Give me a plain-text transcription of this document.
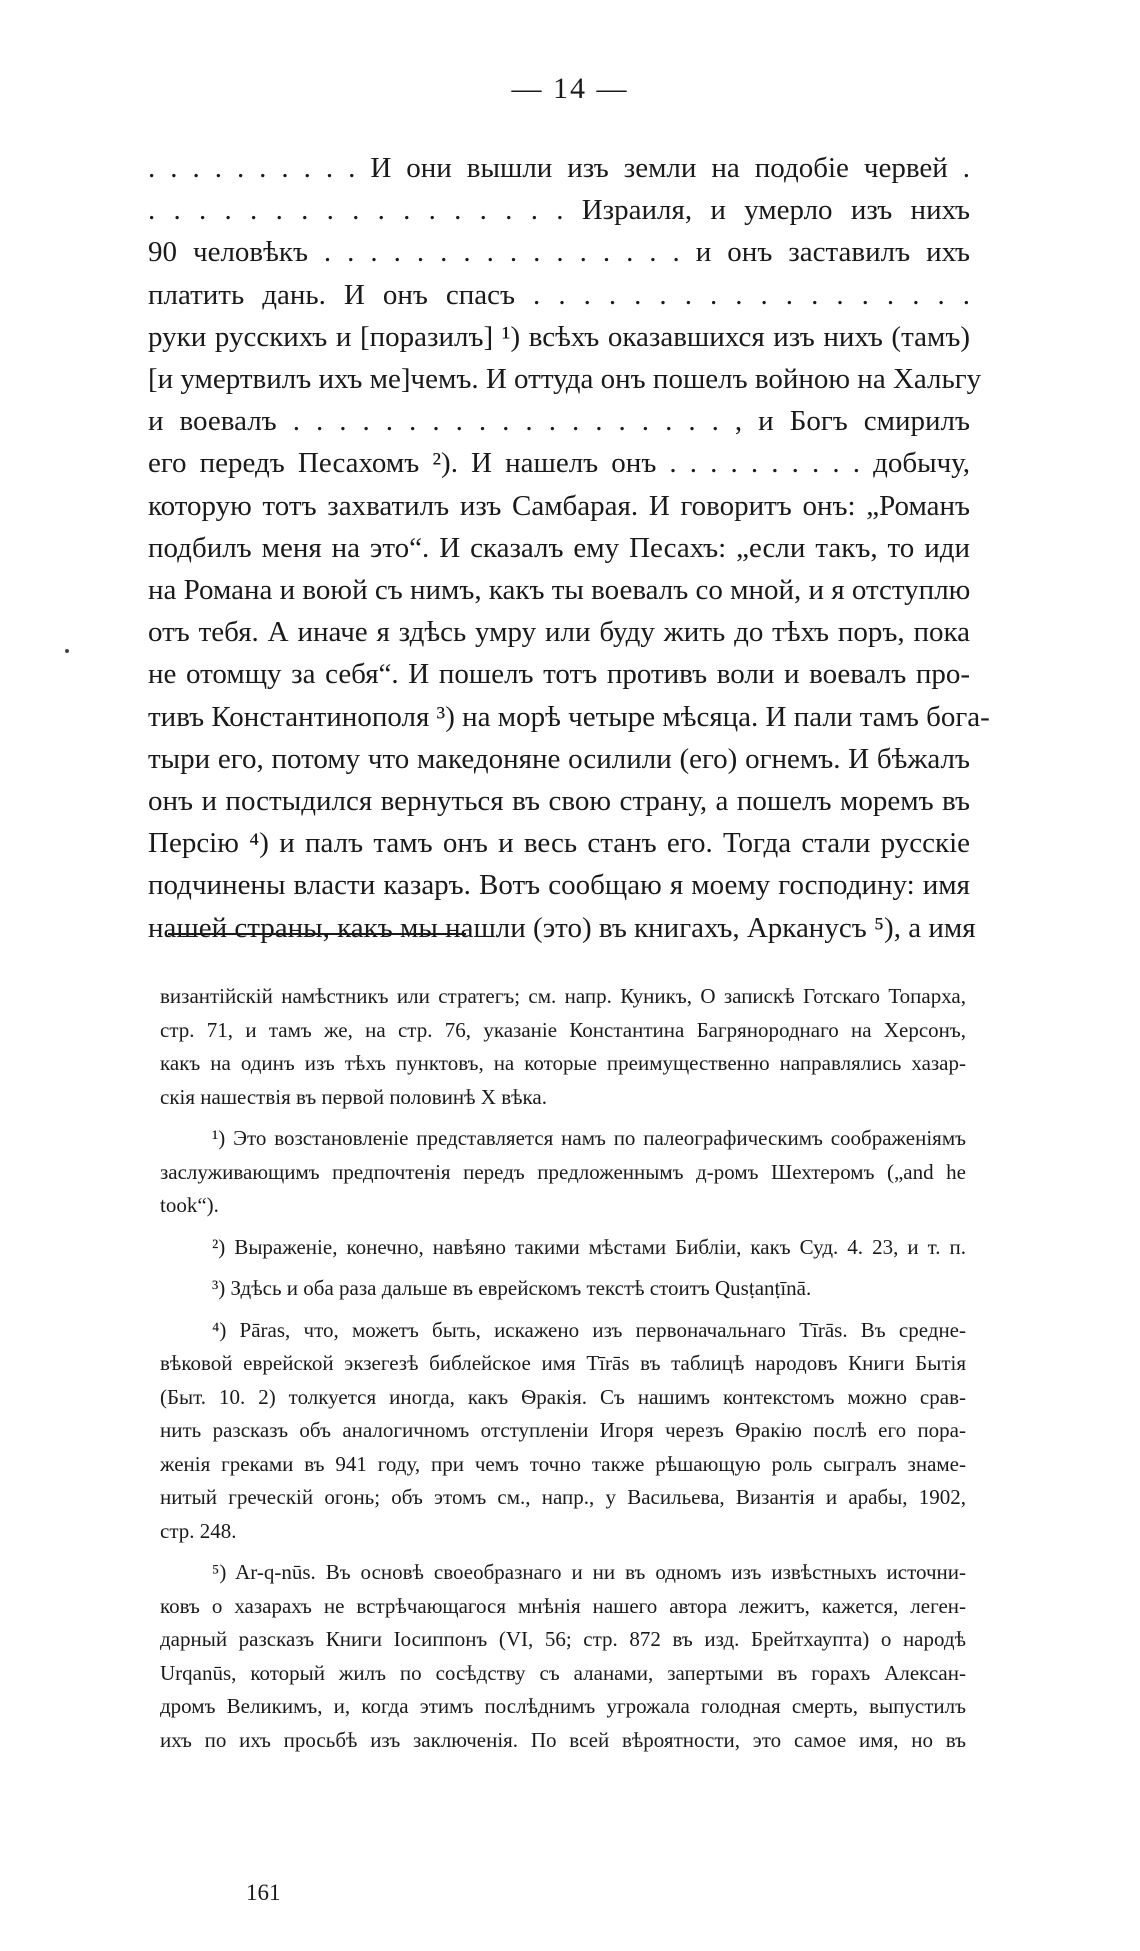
— 14 —
. . . . . . . . . . И они вышли изъ земли на подобіе червей .
. . . . . . . . . . . . . . . . . Израиля, и умерло изъ нихъ
90 человѣкъ . . . . . . . . . . . . . . . . и онъ заставилъ ихъ
платить дань. И онъ спасъ . . . . . . . . . . . . . . . . . .
руки русскихъ и [поразилъ] ¹) всѣхъ оказавшихся изъ нихъ (тамъ)
[и умертвилъ ихъ ме]чемъ. И оттуда онъ пошелъ войною на Хальгу
и воевалъ . . . . . . . . . . . . . . . . . . . , и Богъ смирилъ
его передъ Песахомъ ²). И нашелъ онъ . . . . . . . . . . добычу,
которую тотъ захватилъ изъ Самбарая. И говоритъ онъ: „Романъ
подбилъ меня на это“. И сказалъ ему Песахъ: „если такъ, то иди
на Романа и воюй съ нимъ, какъ ты воевалъ со мной, и я отступлю
отъ тебя. А иначе я здѣсь умру или буду жить до тѣхъ поръ, пока
не отомщу за себя“. И пошелъ тотъ противъ воли и воевалъ про-
тивъ Константинополя ³) на морѣ четыре мѣсяца. И пали тамъ бога-
тыри его, потому что македоняне осилили (его) огнемъ. И бѣжалъ
онъ и постыдился вернуться въ свою страну, а пошелъ моремъ въ
Персію ⁴) и палъ тамъ онъ и весь станъ его. Тогда стали русскіе
подчинены власти казаръ. Вотъ сообщаю я моему господину: имя
нашей страны, какъ мы нашли (это) въ книгахъ, Арканусъ ⁵), а имя
византійскій намѣстникъ или стратегъ; см. напр. Куникъ, О запискѣ Готскаго Топарха,
стр. 71, и тамъ же, на стр. 76, указаніе Константина Багрянороднаго на Херсонъ,
какъ на одинъ изъ тѣхъ пунктовъ, на которые преимущественно направлялись хазар-
скія нашествія въ первой половинѣ X вѣка.
¹) Это возстановленіе представляется намъ по палеографическимъ соображеніямъ
заслуживающимъ предпочтенія передъ предложеннымъ д-ромъ Шехтеромъ („and he
took“).
²) Выраженіе, конечно, навѣяно такими мѣстами Библіи, какъ Суд. 4. 23, и т. п.
³) Здѣсь и оба раза дальше въ еврейскомъ текстѣ стоитъ Qusṭanṭīnā.
⁴) Pāras, что, можетъ быть, искажено изъ первоначальнаго Tīrās. Въ средне-
вѣковой еврейской экзегезѣ библейское имя Tīrās въ таблицѣ народовъ Книги Бытія
(Быт. 10. 2) толкуется иногда, какъ Ѳракія. Съ нашимъ контекстомъ можно срав-
нить разсказъ объ аналогичномъ отступленіи Игоря черезъ Ѳракію послѣ его пора-
женія греками въ 941 году, при чемъ точно также рѣшающую роль сыгралъ знаме-
нитый греческій огонь; объ этомъ см., напр., у Васильева, Византія и арабы, 1902,
стр. 248.
⁵) Ar-q-nūs. Въ основѣ своеобразнаго и ни въ одномъ изъ извѣстныхъ источни-
ковъ о хазарахъ не встрѣчающагося мнѣнія нашего автора лежитъ, кажется, леген-
дарный разсказъ Книги Іосиппонъ (VI, 56; стр. 872 въ изд. Брейтхаупта) о народѣ
Urqanūs, который жилъ по сосѣдству съ аланами, запертыми въ горахъ Алексан-
дромъ Великимъ, и, когда этимъ послѣднимъ угрожала голодная смерть, выпустилъ
ихъ по ихъ просьбѣ изъ заключенія. По всей вѣроятности, это самое имя, но въ
161
